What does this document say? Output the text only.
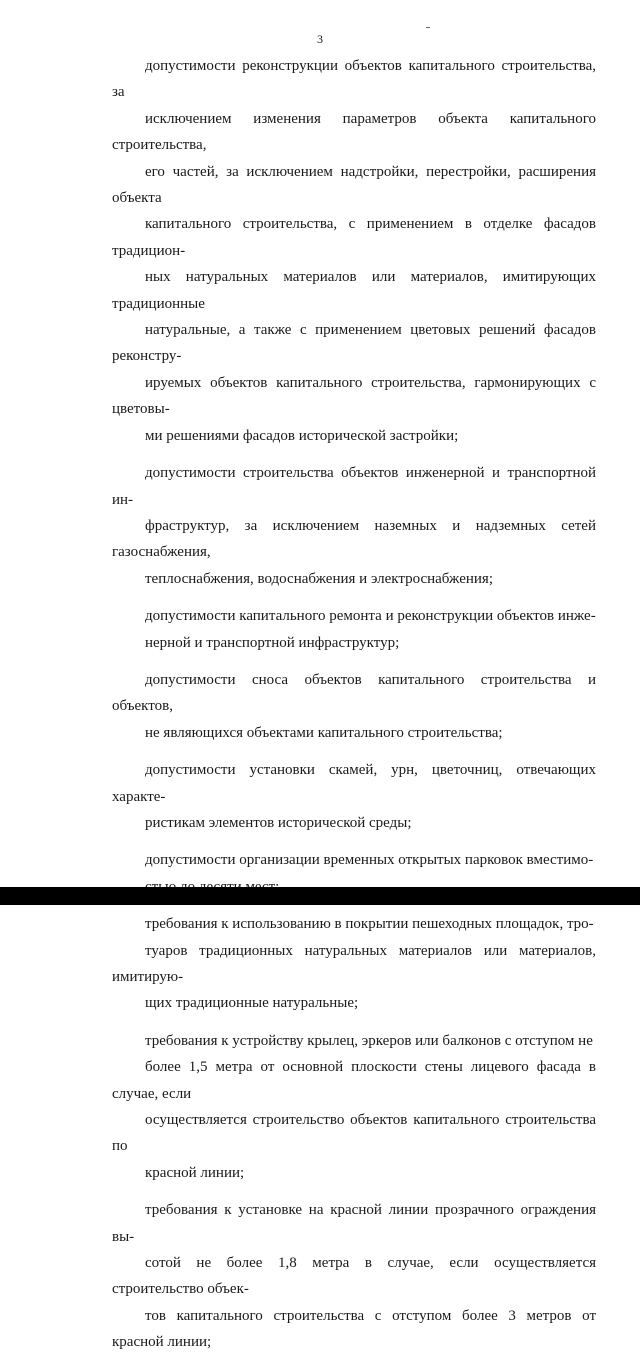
3

допустимости реконструкции объектов капитального строительства, за
исключением изменения параметров объекта капитального строительства,
его частей, за исключением надстройки, перестройки, расширения объекта
капитального строительства, с применением в отделке фасадов традицион-
ных натуральных материалов или материалов, имитирующих традиционные
натуральные, а также с применением цветовых решений фасадов реконстру-
ируемых объектов капитального строительства, гармонирующих с цветовы-
ми решениями фасадов исторической застройки;

допустимости строительства объектов инженерной и транспортной ин-
фраструктур, за исключением наземных и надземных сетей газоснабжения,
теплоснабжения, водоснабжения и электроснабжения;

допустимости капитального ремонта и реконструкции объектов инже-
нерной и транспортной инфраструктур;

допустимости сноса объектов капитального строительства и объектов,
не являющихся объектами капитального строительства;

допустимости установки скамей, урн, цветочниц, отвечающих характе-
ристикам элементов исторической среды;

допустимости организации временных открытых парковок вместимо-

требования к использованию в покрытии пешеходных площадок, тро-
туаров традиционных натуральных материалов или материалов, имитирую-
щих традиционные натуральные;

требования к устройству крылец, эркеров или балконов с отступом не
более 1,5 метра от основной плоскости стены лицевого фасада в случае, если
осуществляется строительство объектов капитального строительства по
красной линии;

требования к установке на красной линии прозрачного ограждения вы-
сотой не более 1,8 метра в случае, если осуществляется строительство объек-
тов капитального строительства с отступом более 3 метров от красной линии;
